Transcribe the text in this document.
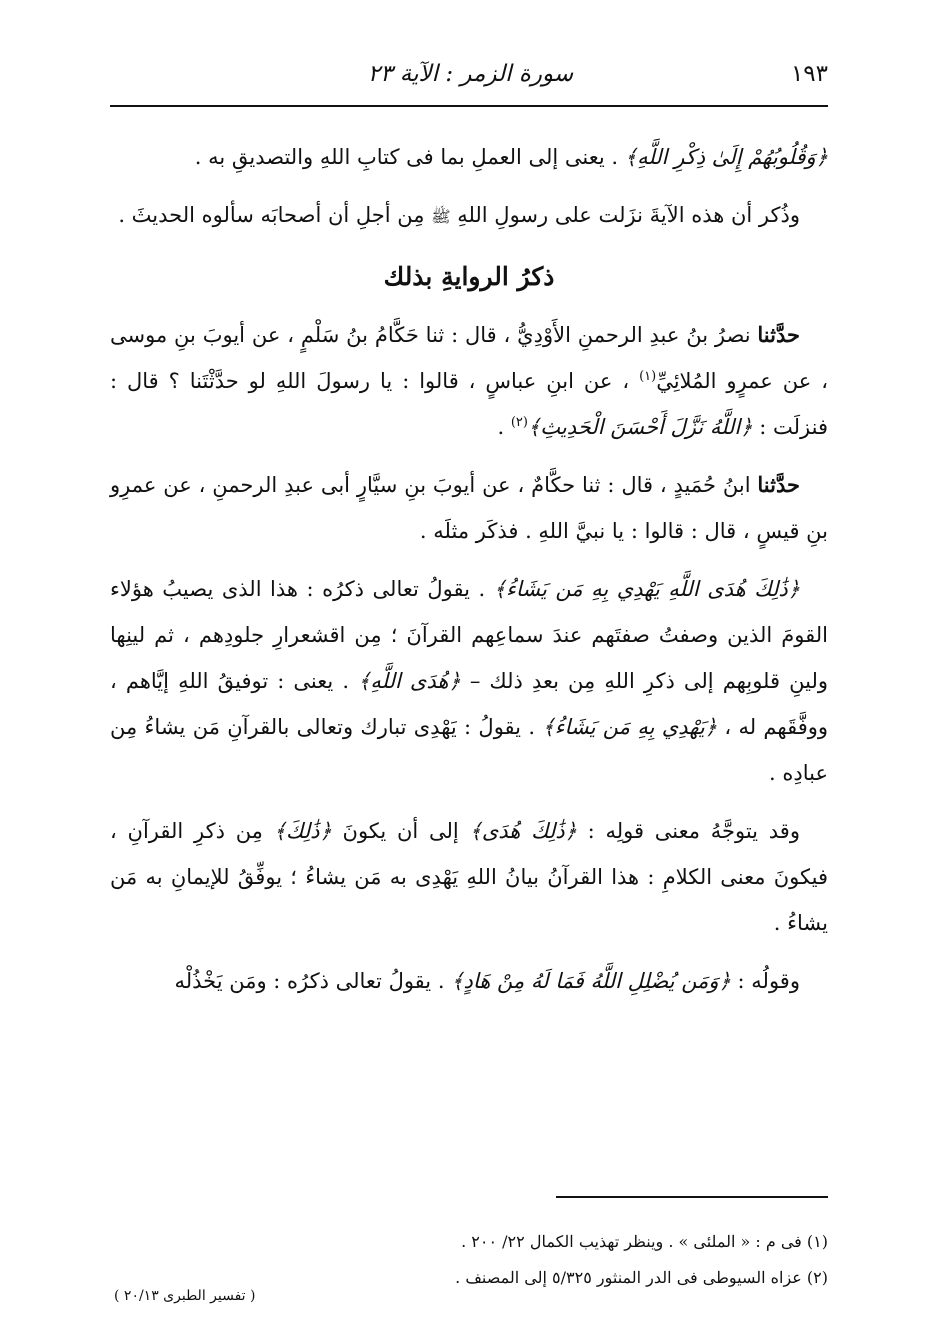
١٩٣
سورة الزمر : الآية ٢٣

﴿وَقُلُوبُهُمْ إِلَىٰ ذِكْرِ اللَّهِ﴾ . يعنى إلى العملِ بما فى كتابِ اللهِ والتصديقِ به .

وذُكر أن هذه الآيةَ نزَلت على رسولِ اللهِ ﷺ مِن أجلِ أن أصحابَه سألوه الحديثَ .

ذكرُ الروايةِ بذلك

حدَّثنا نصرُ بنُ عبدِ الرحمنِ الأَوْدِيُّ ، قال : ثنا حَكَّامُ بنُ سَلْمٍ ، عن أيوبَ بنِ موسى ، عن عمرٍو المُلائِيِّ$^{(١)}$ ، عن ابنِ عباسٍ ، قالوا : يا رسولَ اللهِ لو حدَّثْتَنا ؟ قال : فنزلَت : ﴿اللَّهُ نَزَّلَ أَحْسَنَ الْحَدِيثِ﴾$^{(٢)}$ .

حدَّثنا ابنُ حُمَيدٍ ، قال : ثنا حكَّامٌ ، عن أيوبَ بنِ سيَّارٍ أبى عبدِ الرحمنِ ، عن عمرِو بنِ قيسٍ ، قال : قالوا : يا نبيَّ اللهِ . فذكَر مثلَه .

﴿ذَٰلِكَ هُدَى اللَّهِ يَهْدِي بِهِ مَن يَشَاءُ﴾ . يقولُ تعالى ذكرُه : هذا الذى يصيبُ هؤلاء القومَ الذين وصفتُ صفتَهم عندَ سماعِهم القرآنَ ؛ مِن اقشعرارِ جلودِهم ، ثم لينِها ولينِ قلوبِهم إلى ذكرِ اللهِ مِن بعدِ ذلك – ﴿هُدَى اللَّهِ﴾ . يعنى : توفيقُ اللهِ إيَّاهم ، ووفَّقَهم له ، ﴿يَهْدِي بِهِ مَن يَشَاءُ﴾ . يقولُ : يَهْدِى تبارك وتعالى بالقرآنِ مَن يشاءُ مِن عبادِه .

وقد يتوجَّهُ معنى قولِه : ﴿ذَٰلِكَ هُدَى﴾ إلى أن يكونَ ﴿ذَٰلِكَ﴾ مِن ذكرِ القرآنِ ، فيكونَ معنى الكلامِ : هذا القرآنُ بيانُ اللهِ يَهْدِى به مَن يشاءُ ؛ يوفِّقُ للإيمانِ به مَن يشاءُ .

وقولُه : ﴿وَمَن يُضْلِلِ اللَّهُ فَمَا لَهُ مِنْ هَادٍ﴾ . يقولُ تعالى ذكرُه : ومَن يَخْذُلْه

(١) فى م : « الملئى » . وينظر تهذيب الكمال ٢٢/ ٢٠٠ .

(٢) عزاه السيوطى فى الدر المنثور ٥/٣٢٥ إلى المصنف .

( تفسير الطبرى ٢٠/١٣ )
